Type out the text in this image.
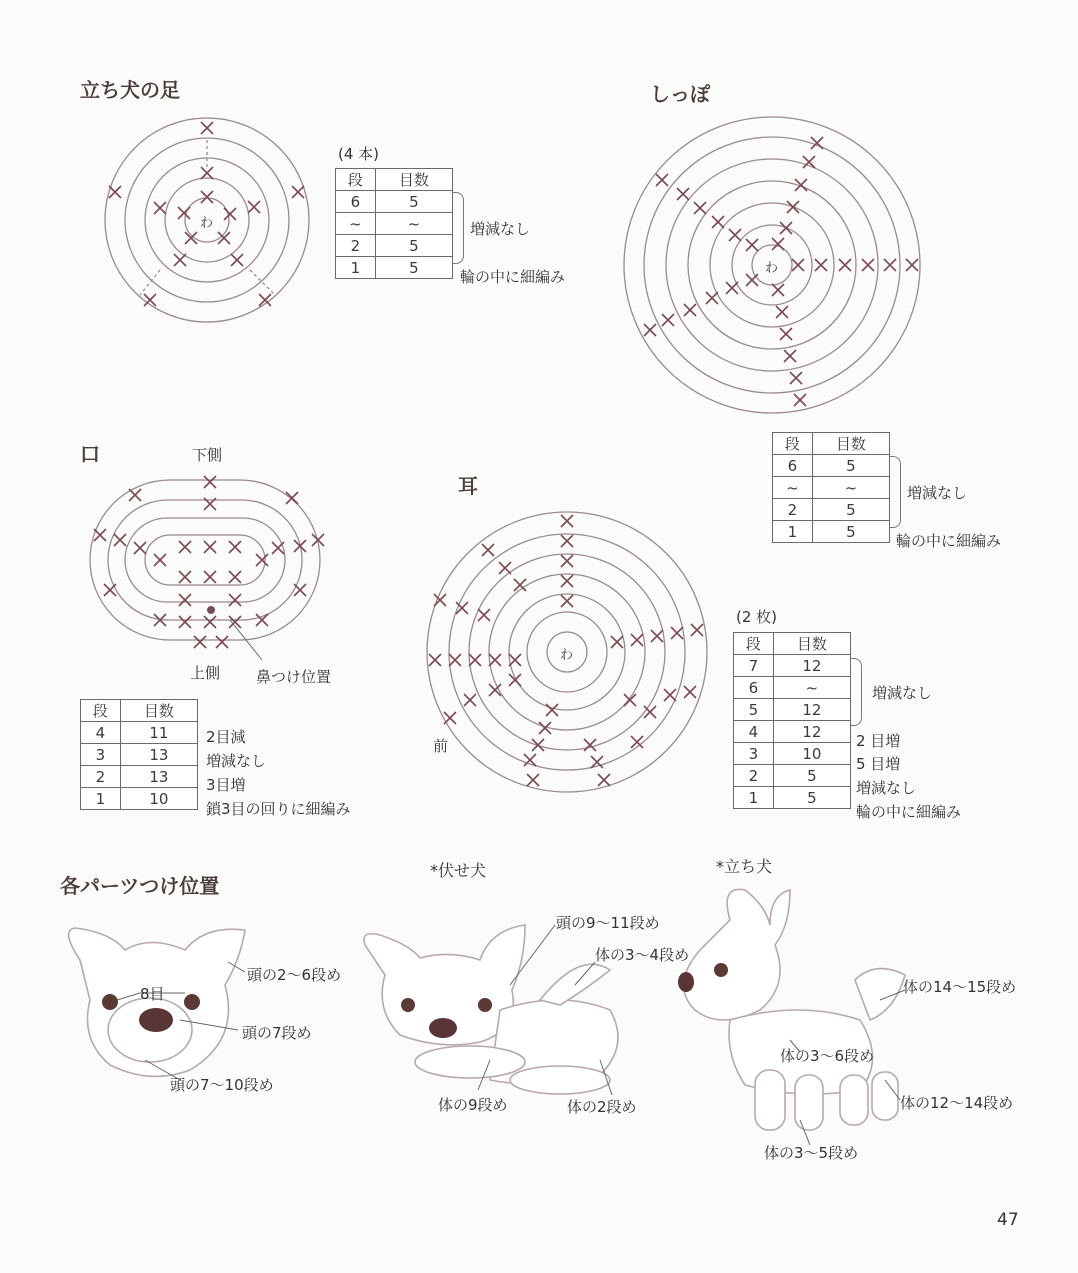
立ち犬の足	しっぽ
口
耳
各パーツつけ位置
わ
わ
わ
(4 本)
段	目数
6	5
~	~
2	5
1	5
増減なし
輪の中に細編み
段	目数
6	5
~	~
2	5
1	5
増減なし
輪の中に細編み
下側
上側 鼻つけ位置
段	目数
4	11
3	13
2	13
1	10
2目減
増減なし
3目増
鎖3目の回りに細編み
前
(2 枚)
段	目数
7	12
6	~
5	12
4	12
3	10
2	5
1	5
増減なし
2 目増
5 目増
増減なし
輪の中に細編み
*伏せ犬	*立ち犬
頭の2〜6段め
8目
頭の7段め
頭の7〜10段め
頭の9〜11段め
体の3〜4段め
体の9段め	体の2段め
体の14〜15段め
体の3〜6段め
体の12〜14段め
体の3〜5段め
47
